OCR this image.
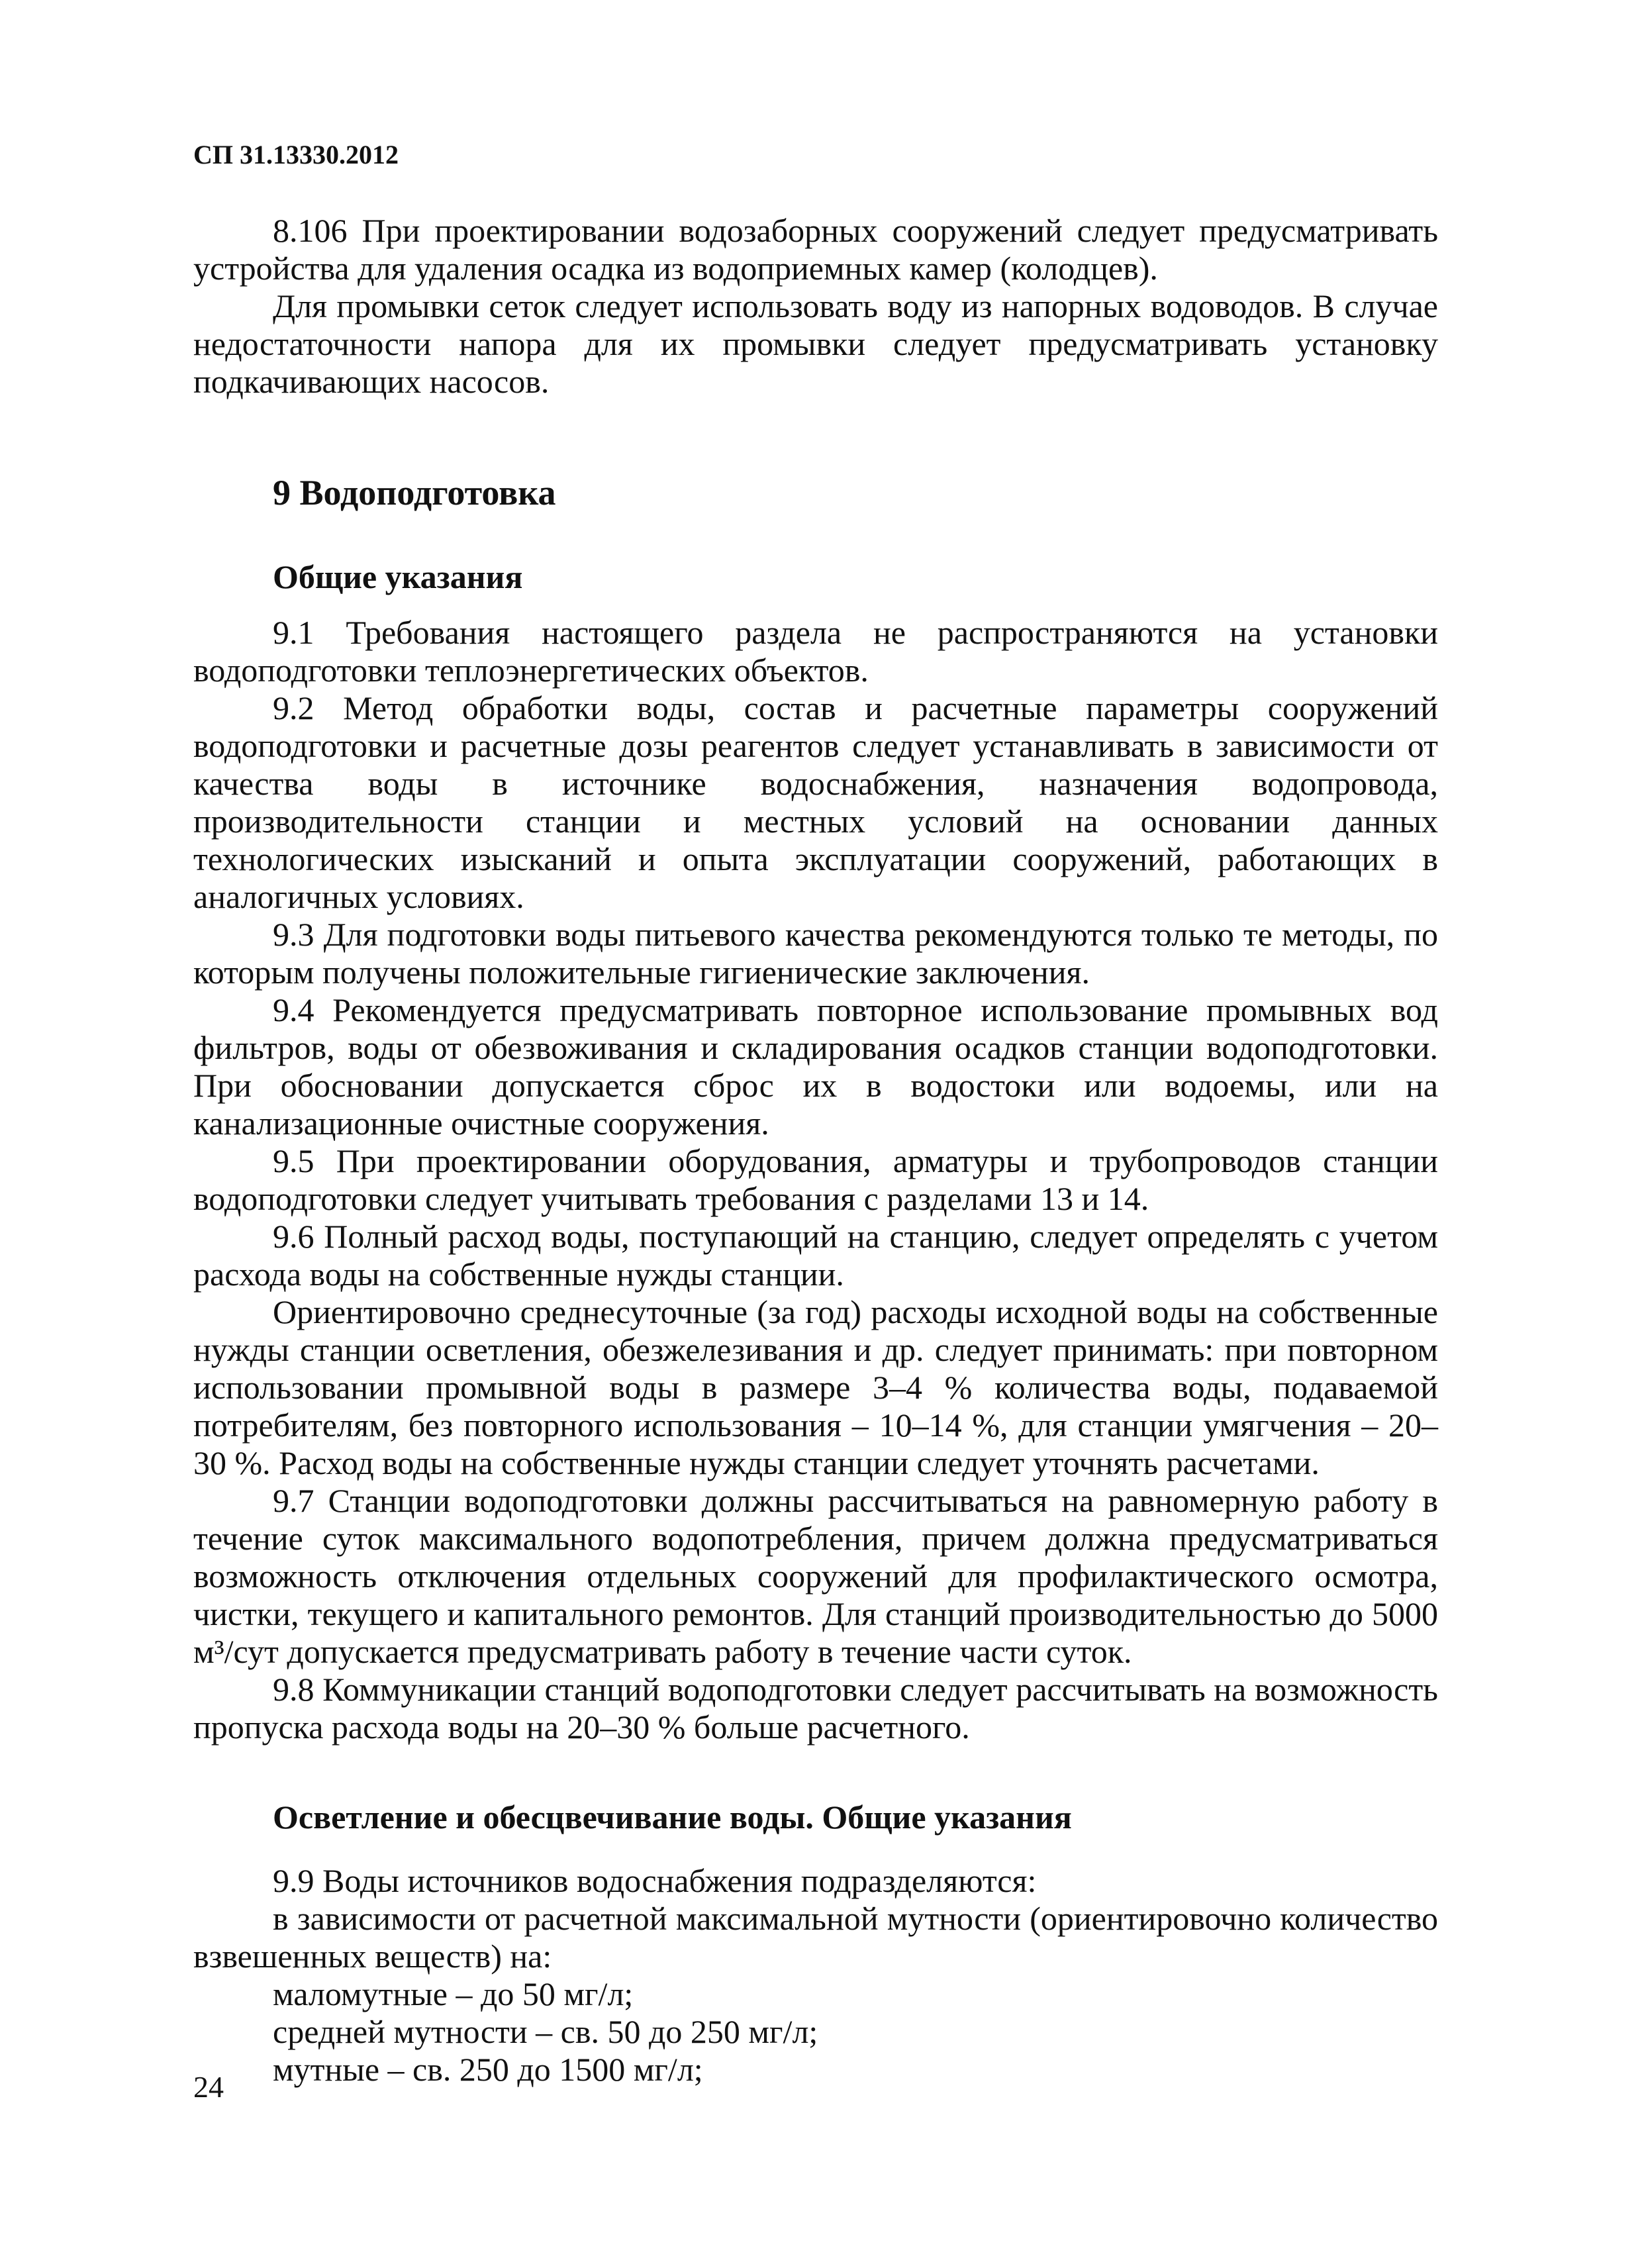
СП 31.13330.2012

8.106 При проектировании водозаборных сооружений следует предусматривать устройства для удаления осадка из водоприемных камер (колодцев).

Для промывки сеток следует использовать воду из напорных водоводов. В случае недостаточности напора для их промывки следует предусматривать установку подкачивающих насосов.

9 Водоподготовка
Общие указания

9.1 Требования настоящего раздела не распространяются на установки водоподготовки теплоэнергетических объектов.

9.2 Метод обработки воды, состав и расчетные параметры сооружений водоподготовки и расчетные дозы реагентов следует устанавливать в зависимости от качества воды в источнике водоснабжения, назначения водопровода, производительности станции и местных условий на основании данных технологических изысканий и опыта эксплуатации сооружений, работающих в аналогичных условиях.

9.3 Для подготовки воды питьевого качества рекомендуются только те методы, по которым получены положительные гигиенические заключения.

9.4 Рекомендуется предусматривать повторное использование промывных вод фильтров, воды от обезвоживания и складирования осадков станции водоподготовки. При обосновании допускается сброс их в водостоки или водоемы, или на канализационные очистные сооружения.

9.5 При проектировании оборудования, арматуры и трубопроводов станции водоподготовки следует учитывать требования с разделами 13 и 14.

9.6 Полный расход воды, поступающий на станцию, следует определять с учетом расхода воды на собственные нужды станции.

Ориентировочно среднесуточные (за год) расходы исходной воды на собственные нужды станции осветления, обезжелезивания и др. следует принимать: при повторном использовании промывной воды в размере 3–4 % количества воды, подаваемой потребителям, без повторного использования – 10–14 %, для станции умягчения – 20–30 %. Расход воды на собственные нужды станции следует уточнять расчетами.

9.7 Станции водоподготовки должны рассчитываться на равномерную работу в течение суток максимального водопотребления, причем должна предусматриваться возможность отключения отдельных сооружений для профилактического осмотра, чистки, текущего и капитального ремонтов. Для станций производительностью до 5000 м³/сут допускается предусматривать работу в течение части суток.

9.8 Коммуникации станций водоподготовки следует рассчитывать на возможность пропуска расхода воды на 20–30 % больше расчетного.

Осветление и обесцвечивание воды. Общие указания

9.9 Воды источников водоснабжения подразделяются:

в зависимости от расчетной максимальной мутности (ориентировочно количество взвешенных веществ) на:

маломутные – до 50 мг/л;

средней мутности – св. 50 до 250 мг/л;

мутные – св. 250 до 1500 мг/л;

24
